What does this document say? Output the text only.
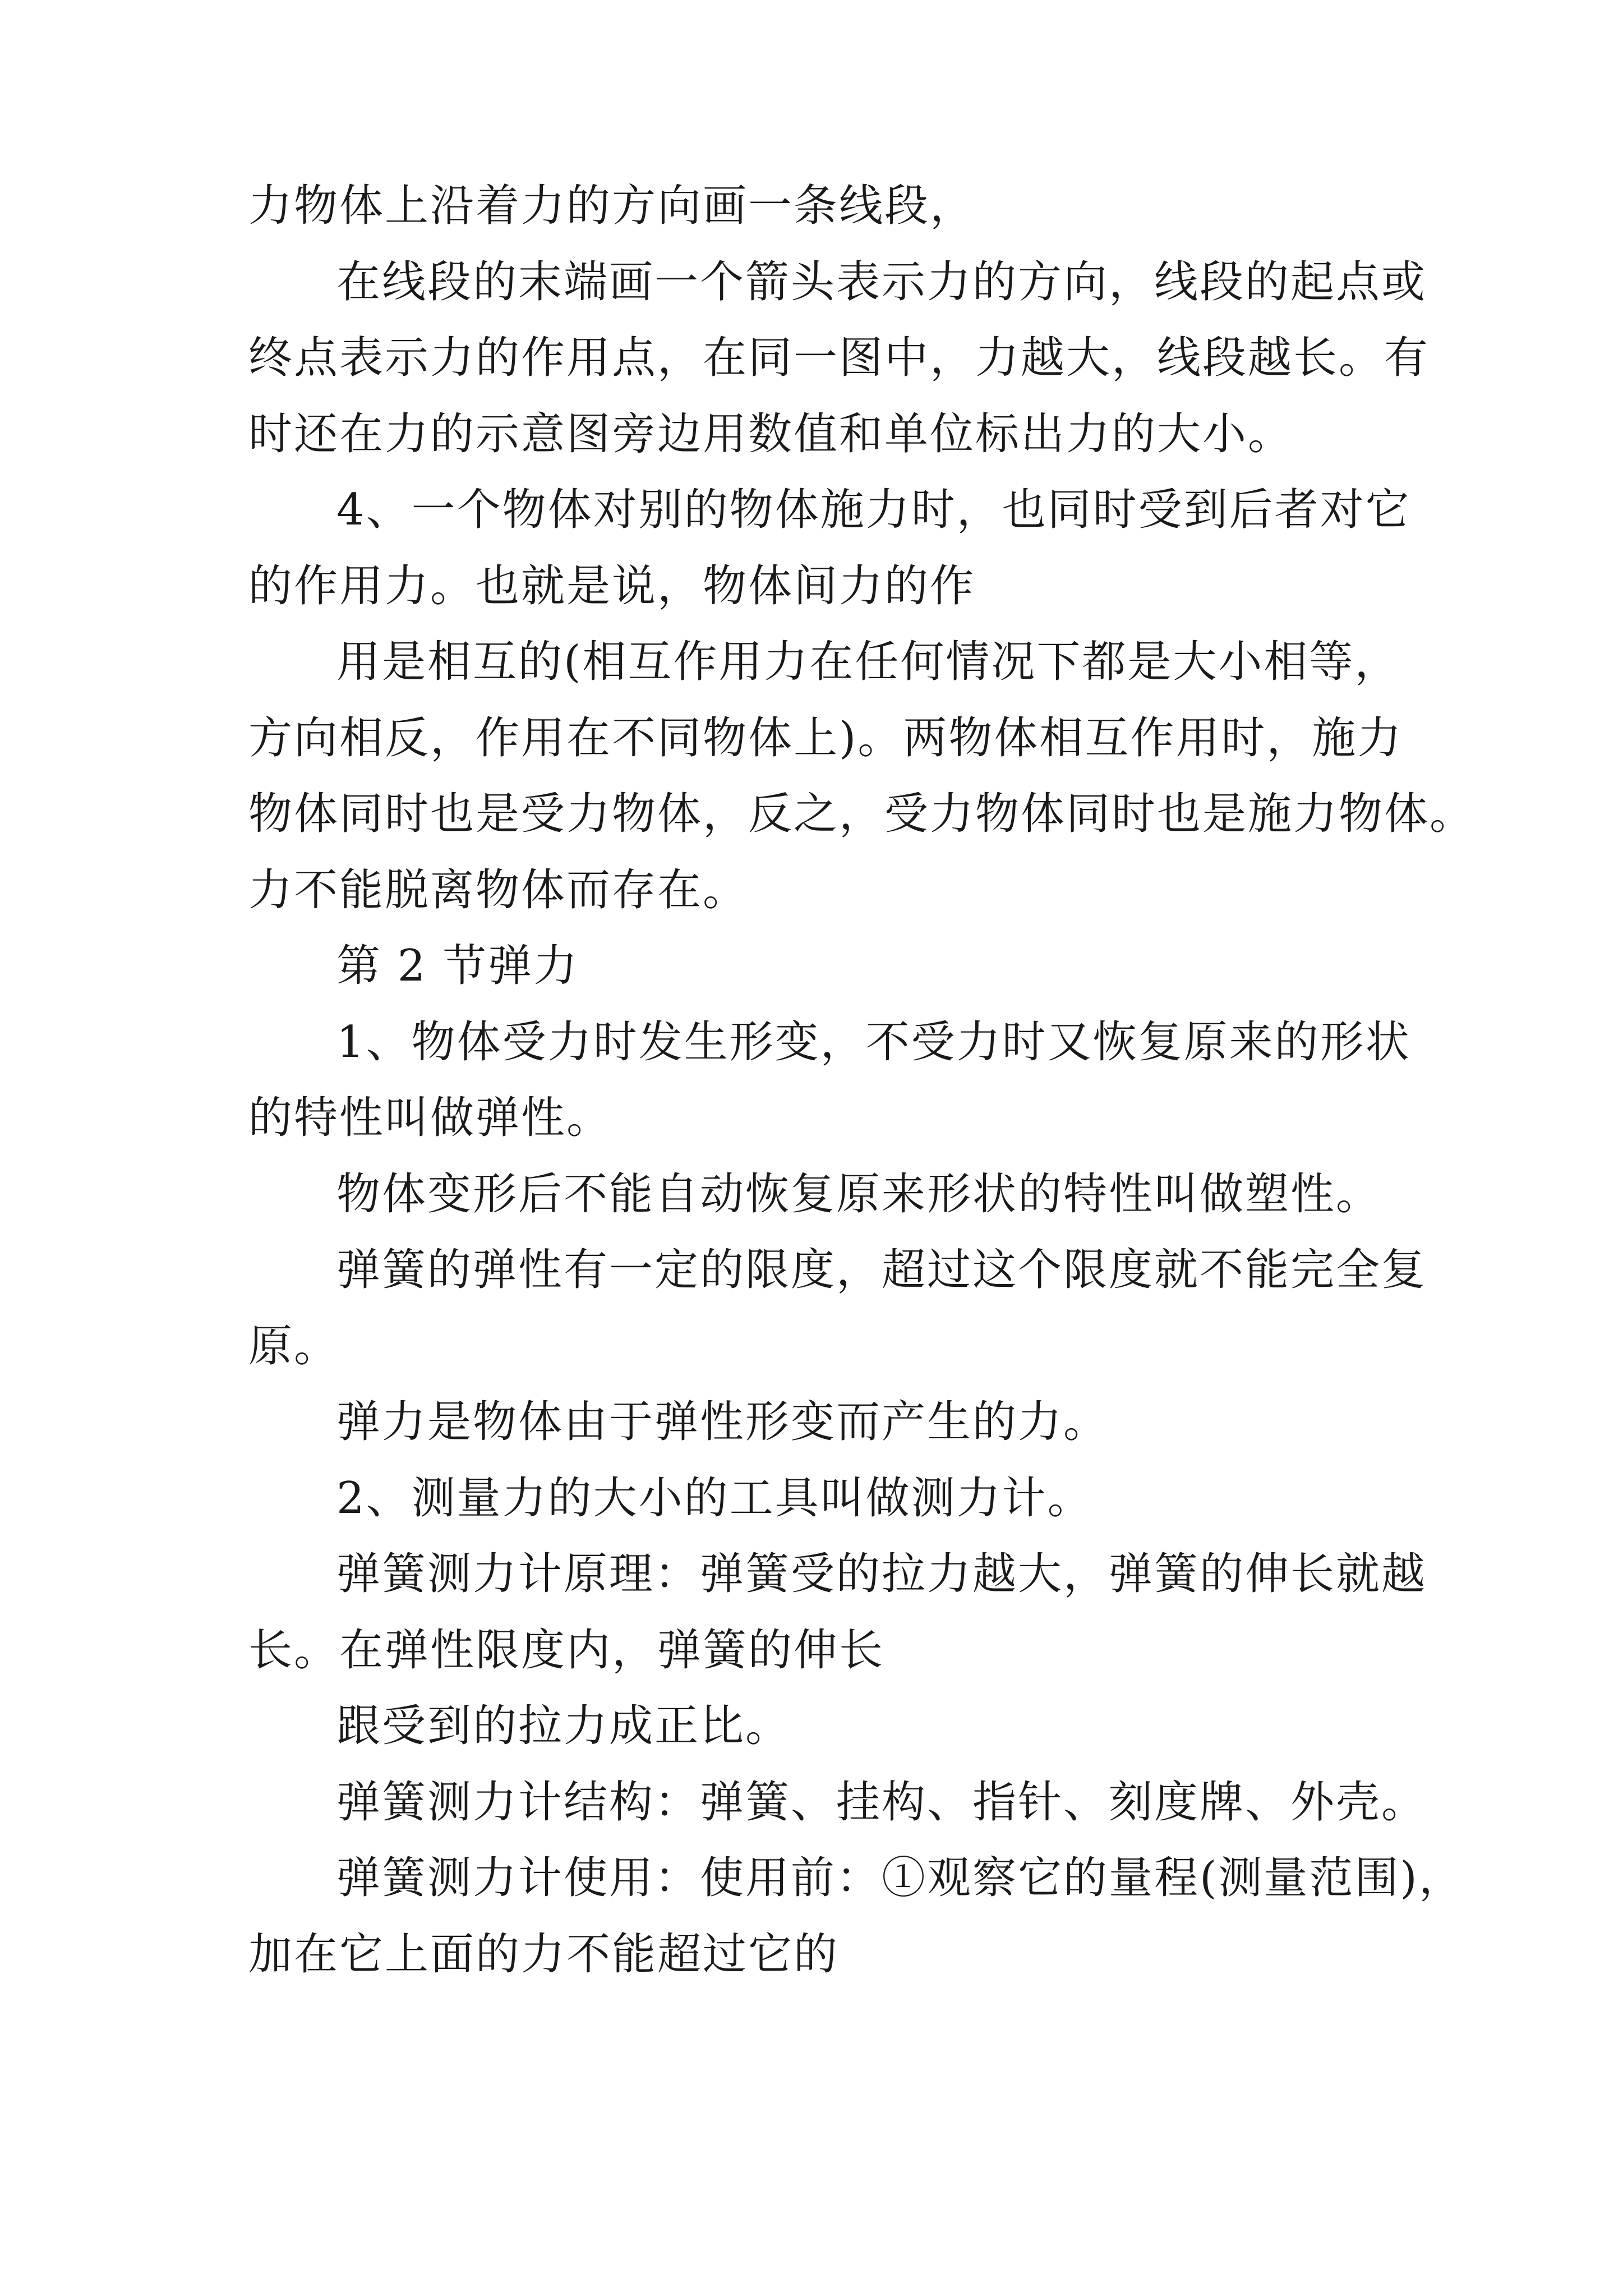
力物体上沿着力的方向画一条线段，
在线段的末端画一个箭头表示力的方向，线段的起点或
终点表示力的作用点，在同一图中，力越大，线段越长。有
时还在力的示意图旁边用数值和单位标出力的大小。
4、一个物体对别的物体施力时，也同时受到后者对它
的作用力。也就是说，物体间力的作
用是相互的(相互作用力在任何情况下都是大小相等，
方向相反，作用在不同物体上)。两物体相互作用时，施力
物体同时也是受力物体，反之，受力物体同时也是施力物体。
力不能脱离物体而存在。
第 2 节弹力
1、物体受力时发生形变，不受力时又恢复原来的形状
的特性叫做弹性。
物体变形后不能自动恢复原来形状的特性叫做塑性。
弹簧的弹性有一定的限度，超过这个限度就不能完全复
原。
弹力是物体由于弹性形变而产生的力。
2、测量力的大小的工具叫做测力计。
弹簧测力计原理：弹簧受的拉力越大，弹簧的伸长就越
长。在弹性限度内，弹簧的伸长
跟受到的拉力成正比。
弹簧测力计结构：弹簧、挂构、指针、刻度牌、外壳。
弹簧测力计使用：使用前：①观察它的量程(测量范围)，
加在它上面的力不能超过它的
